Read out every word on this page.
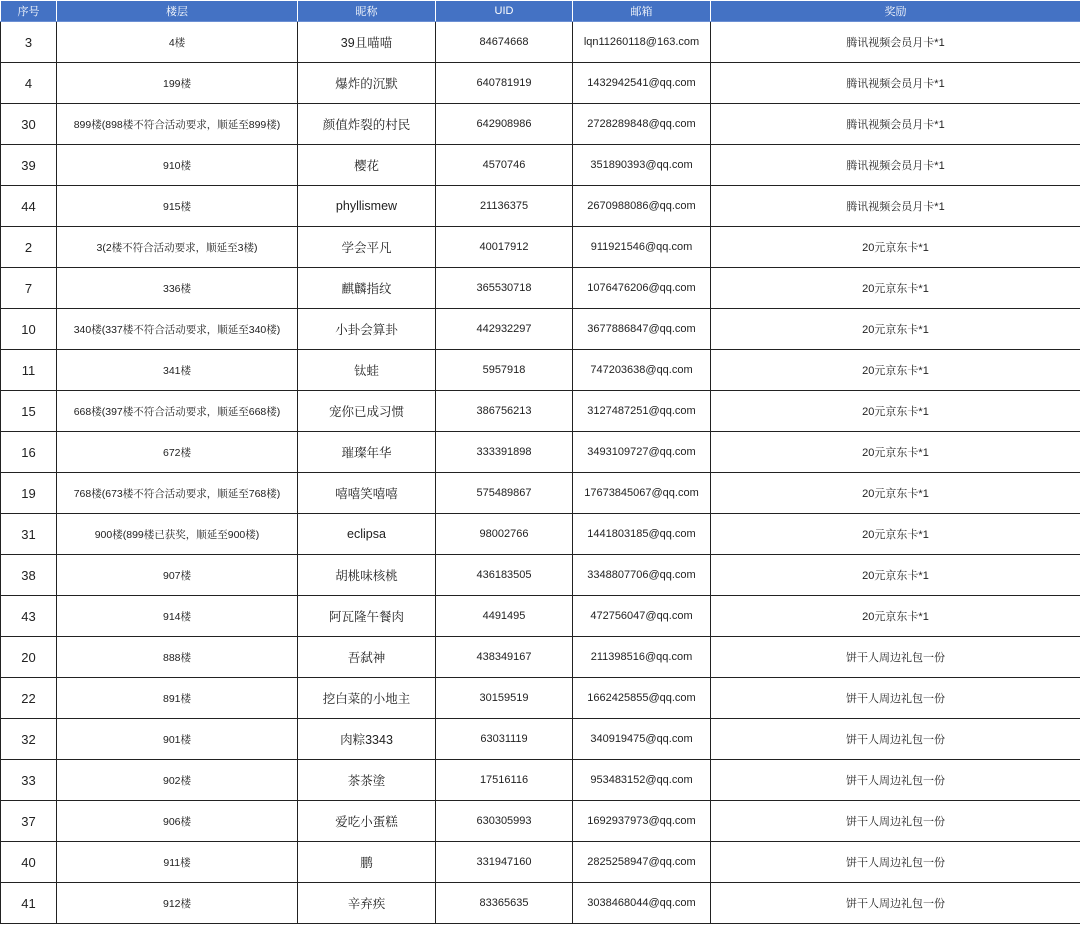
序号	楼层	昵称	UID	邮箱	奖励
3	4楼	39且喵喵	84674668	lqn11260118@163.com	腾讯视频会员月卡*1
4	199楼	爆炸的沉默	640781919	1432942541@qq.com	腾讯视频会员月卡*1
30	899楼(898楼不符合活动要求，顺延至899楼)	颜值炸裂的村民	642908986	2728289848@qq.com	腾讯视频会员月卡*1
39	910楼	樱花	4570746	351890393@qq.com	腾讯视频会员月卡*1
44	915楼	phyllismew	21136375	2670988086@qq.com	腾讯视频会员月卡*1
2	3(2楼不符合活动要求，顺延至3楼)	学会平凡	40017912	911921546@qq.com	20元京东卡*1
7	336楼	麒麟指纹	365530718	1076476206@qq.com	20元京东卡*1
10	340楼(337楼不符合活动要求，顺延至340楼)	小卦会算卦	442932297	3677886847@qq.com	20元京东卡*1
11	341楼	钛蛙	5957918	747203638@qq.com	20元京东卡*1
15	668楼(397楼不符合活动要求，顺延至668楼)	宠你已成习惯	386756213	3127487251@qq.com	20元京东卡*1
16	672楼	璀璨年华	333391898	3493109727@qq.com	20元京东卡*1
19	768楼(673楼不符合活动要求，顺延至768楼)	嘻嘻笑嘻嘻	575489867	17673845067@qq.com	20元京东卡*1
31	900楼(899楼已获奖，顺延至900楼)	eclipsa	98002766	1441803185@qq.com	20元京东卡*1
38	907楼	胡桃味核桃	436183505	3348807706@qq.com	20元京东卡*1
43	914楼	阿瓦隆午餐肉	4491495	472756047@qq.com	20元京东卡*1
20	888楼	吾弑神	438349167	211398516@qq.com	饼干人周边礼包一份
22	891楼	挖白菜的小地主	30159519	1662425855@qq.com	饼干人周边礼包一份
32	901楼	肉粽3343	63031119	340919475@qq.com	饼干人周边礼包一份
33	902楼	茶茶塗	17516116	953483152@qq.com	饼干人周边礼包一份
37	906楼	爱吃小蛋糕	630305993	1692937973@qq.com	饼干人周边礼包一份
40	911楼	鹏	331947160	2825258947@qq.com	饼干人周边礼包一份
41	912楼	辛弃疾	83365635	3038468044@qq.com	饼干人周边礼包一份
